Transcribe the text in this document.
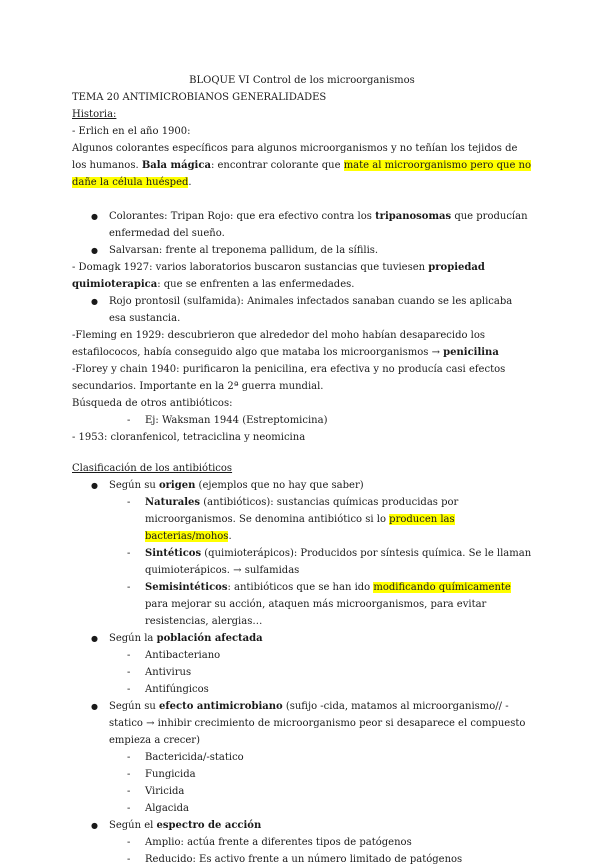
BLOQUE VI Control de los microorganismos

TEMA 20 ANTIMICROBIANOS GENERALIDADES

Historia:

- Erlich en el año 1900:

Algunos colorantes específicos para algunos microorganismos y no teñían los tejidos de los humanos. Bala mágica: encontrar colorante que mate al microorganismo pero que no dañe la célula huésped.

● Colorantes: Tripan Rojo: que era efectivo contra los tripanosomas que producían enfermedad del sueño.
● Salvarsan: frente al treponema pallidum, de la sífilis.

- Domagk 1927: varios laboratorios buscaron sustancias que tuviesen propiedad quimioterapica: que se enfrenten a las enfermedades.

● Rojo prontosil (sulfamida): Animales infectados sanaban cuando se les aplicaba esa sustancia.

-Fleming en 1929: descubrieron que alrededor del moho habían desaparecido los estafilococos, había conseguido algo que mataba los microorganismos → penicilina

-Florey y chain 1940: purificaron la penicilina, era efectiva y no producía casi efectos secundarios. Importante en la 2ª guerra mundial.

Búsqueda de otros antibióticos:

- Ej: Waksman 1944 (Estreptomicina)

- 1953: cloranfenicol, tetraciclina y neomicina

Clasificación de los antibióticos

● Según su origen (ejemplos que no hay que saber)
- Naturales (antibióticos): sustancias químicas producidas por microorganismos. Se denomina antibiótico si lo producen las bacterias/mohos.
- Sintéticos (quimioterápicos): Producidos por síntesis química. Se le llaman quimioterápicos. → sulfamidas
- Semisintéticos: antibióticos que se han ido modificando químicamente para mejorar su acción, ataquen más microorganismos, para evitar resistencias, alergias…
● Según la población afectada
- Antibacteriano
- Antivirus
- Antifúngicos
● Según su efecto antimicrobiano (sufijo -cida, matamos al microorganismo// - statico → inhibir crecimiento de microorganismo peor si desaparece el compuesto empieza a crecer)
- Bactericida/-statico
- Fungicida
- Viricida
- Algacida
● Según el espectro de acción
- Amplio: actúa frente a diferentes tipos de patógenos
- Reducido: Es activo frente a un número limitado de patógenos
